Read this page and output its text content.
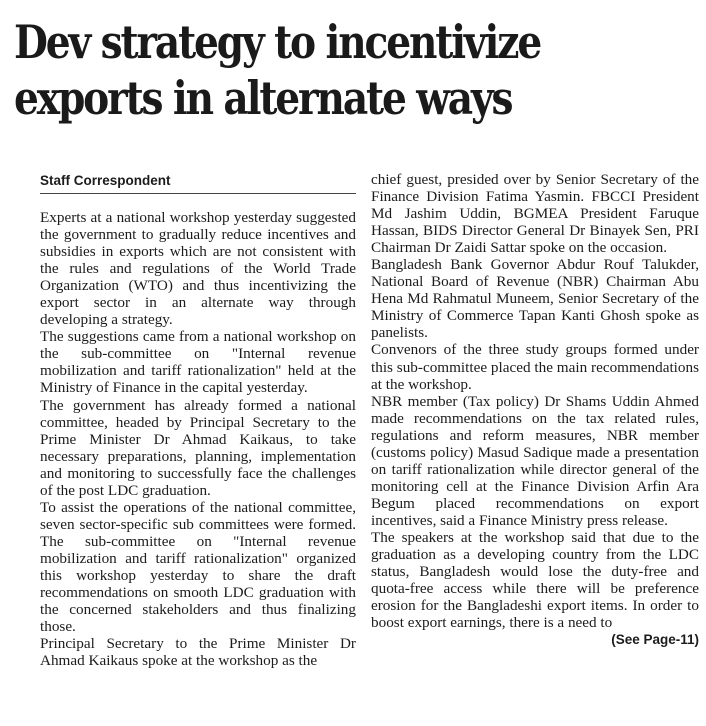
Dev strategy to incentivize
exports in alternate ways
Staff Correspondent

Experts at a national workshop yesterday suggested the government to gradually reduce incentives and subsidies in exports which are not consistent with the rules and regulations of the World Trade Organization (WTO) and thus incentivizing the export sector in an alternate way through developing a strategy.

The suggestions came from a national workshop on the sub-committee on "Internal revenue mobilization and tariff rationalization" held at the Ministry of Finance in the capital yesterday.

The government has already formed a national committee, headed by Principal Secretary to the Prime Minister Dr Ahmad Kaikaus, to take necessary preparations, planning, implementation and monitoring to successfully face the challenges of the post LDC graduation.

To assist the operations of the national committee, seven sector-specific sub committees were formed. The sub-committee on "Internal revenue mobilization and tariff rationalization" organized this workshop yesterday to share the draft recommendations on smooth LDC graduation with the concerned stakeholders and thus finalizing those.

Principal Secretary to the Prime Minister Dr Ahmad Kaikaus spoke at the workshop as the

chief guest, presided over by Senior Secretary of the Finance Division Fatima Yasmin. FBCCI President Md Jashim Uddin, BGMEA President Faruque Hassan, BIDS Director General Dr Binayek Sen, PRI Chairman Dr Zaidi Sattar spoke on the occasion.

Bangladesh Bank Governor Abdur Rouf Talukder, National Board of Revenue (NBR) Chairman Abu Hena Md Rahmatul Muneem, Senior Secretary of the Ministry of Commerce Tapan Kanti Ghosh spoke as panelists.

Convenors of the three study groups formed under this sub-committee placed the main recommendations at the workshop.

NBR member (Tax policy) Dr Shams Uddin Ahmed made recommendations on the tax related rules, regulations and reform measures, NBR member (customs policy) Masud Sadique made a presentation on tariff rationalization while director general of the monitoring cell at the Finance Division Arfin Ara Begum placed recommendations on export incentives, said a Finance Ministry press release.

The speakers at the workshop said that due to the graduation as a developing country from the LDC status, Bangladesh would lose the duty-free and quota-free access while there will be preference erosion for the Bangladeshi export items. In order to boost export earnings, there is a need to
(See Page-11)
